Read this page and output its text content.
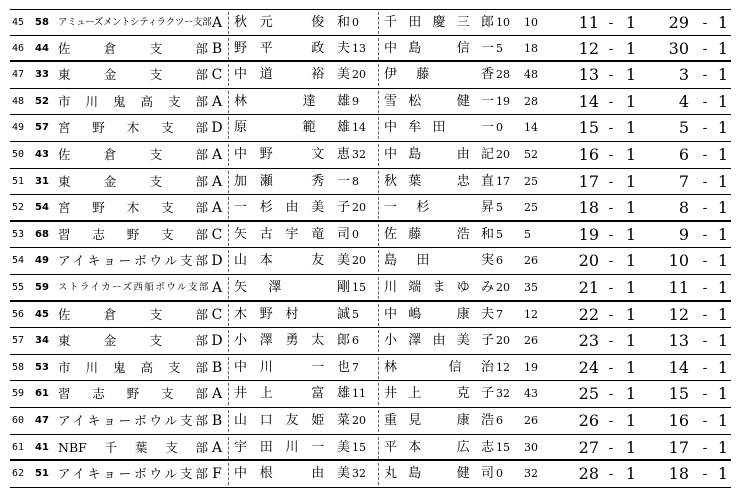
45	58 アミューズメントシティラクツー支部 A 秋元　俊和 0	千田慶三郎 10	10	11 - 1	29 - 1
46	44 佐倉支部 B 野平　政夫 13	中島　信一 5	18	12 - 1	30 - 1
47	33 東金支部 C 中道　裕美 20	伊藤　香 28	48	13 - 1	3 - 1
48	52 市川鬼高支部 A 林　達雄 9	雪松　健一 19	28	14 - 1	4 - 1
49	57 宮野木支部 D 原　範雄 14	中牟田　一 0	14	15 - 1	5 - 1
50	43 佐倉支部 A 中野　文恵 32	中島　由記 20	52	16 - 1	6 - 1
51	31 東金支部 A 加瀬　秀一 8	秋葉　忠直 17	25	17 - 1	7 - 1
52	54 宮野木支部 A 一杉由美子 20	一杉　昇 5	25	18 - 1	8 - 1
53	68 習志野支部 C 矢古宇竜司 0	佐藤　浩和 5	5	19 - 1	9 - 1
54	49 アイキョーボウル支部 D 山本　友美 20	島田　実 6	26	20 - 1	10 - 1
55	59 ストライカーズ西船ボウル支部 A 矢澤　剛 15	川端まゆみ 20	35	21 - 1	11 - 1
56	45 佐倉支部 C 木野村　誠 5	中嶋　康夫 7	12	22 - 1	12 - 1
57	34 東金支部 D 小澤勇太郎 6	小澤由美子 20	26	23 - 1	13 - 1
58	53 市川鬼高支部 B 中川　一也 7	林　信治 12	19	24 - 1	14 - 1
59	61 習志野支部 A 井上　富雄 11	井上　克子 32	43	25 - 1	15 - 1
60	47 アイキョーボウル支部 B 山口友姫菜 20	重見　康浩 6	26	26 - 1	16 - 1
61	41 NBF千葉支部 A 宇田川一美 15	平本　広志 15	30	27 - 1	17 - 1
62	51 アイキョーボウル支部 F 中根　由美 32	丸島　健司 0	32	28 - 1	18 - 1
